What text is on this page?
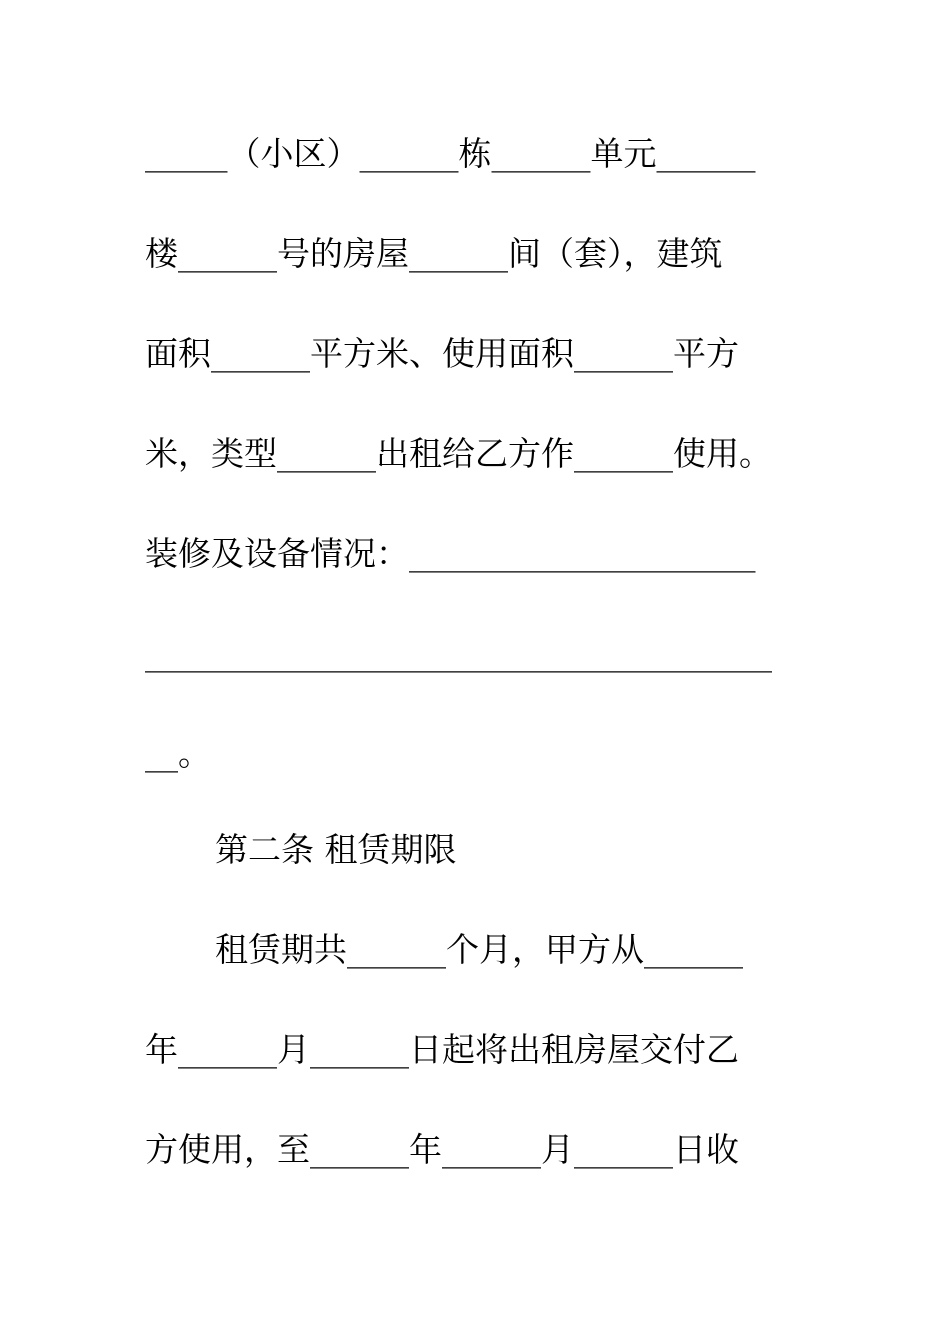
_____（小区）______栋______单元______
楼______号的房屋______间（套），建筑
面积______平方米、使用面积______平方
米，类型______出租给乙方作______使用。
装修及设备情况：_____________________
______________________________________
__。
第二条 租赁期限
租赁期共______个月，甲方从______
年______月______日起将出租房屋交付乙
方使用，至______年______月______日收
